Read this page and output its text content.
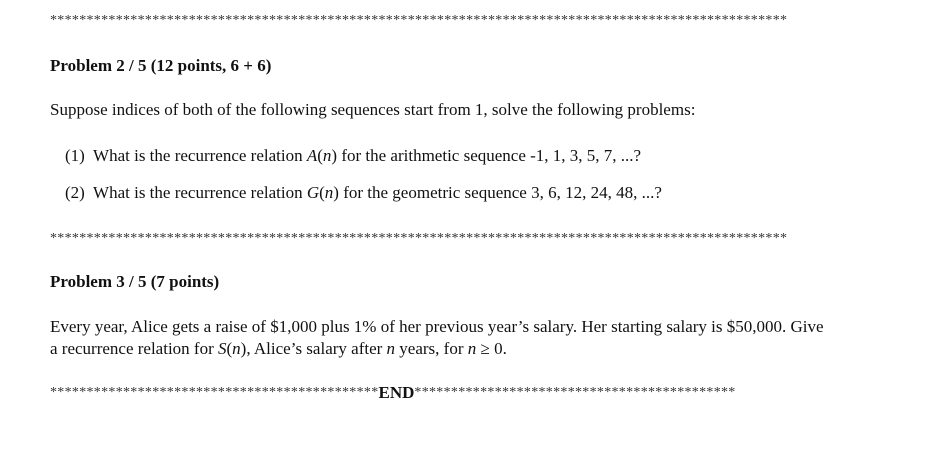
*****************************************************************************************************
Problem 2 / 5 (12 points, 6 + 6)
Suppose indices of both of the following sequences start from 1, solve the following problems:
(1) What is the recurrence relation A(n) for the arithmetic sequence -1, 1, 3, 5, 7, ...?
(2) What is the recurrence relation G(n) for the geometric sequence 3, 6, 12, 24, 48, ...?
*****************************************************************************************************
Problem 3 / 5 (7 points)
Every year, Alice gets a raise of $1,000 plus 1% of her previous year’s salary. Her starting salary is $50,000. Give
a recurrence relation for S(n), Alice’s salary after n years, for n ≥ 0.
*********************************************END********************************************
